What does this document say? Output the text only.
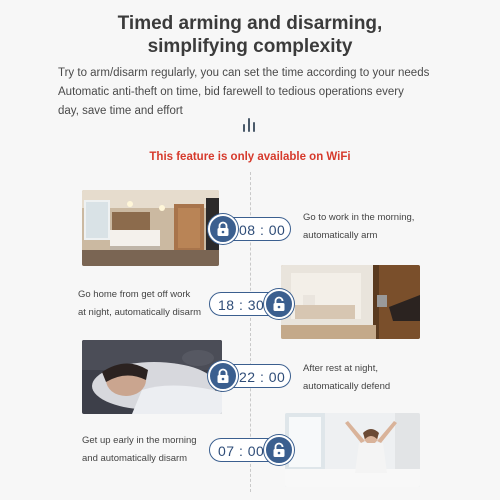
Timed arming and disarming,
simplifying complexity
Try to arm/disarm regularly, you can set the time according to your needs
Automatic anti-theft on time, bid farewell to tedious operations every
day, save time and effort
This feature is only available on WiFi
08 : 00
Go to work in the morning,
automatically arm
18 : 30
Go home from get off work
at night, automatically disarm
22 : 00
After rest at night,
automatically defend
07 : 00
Get up early in the morning
and automatically disarm
